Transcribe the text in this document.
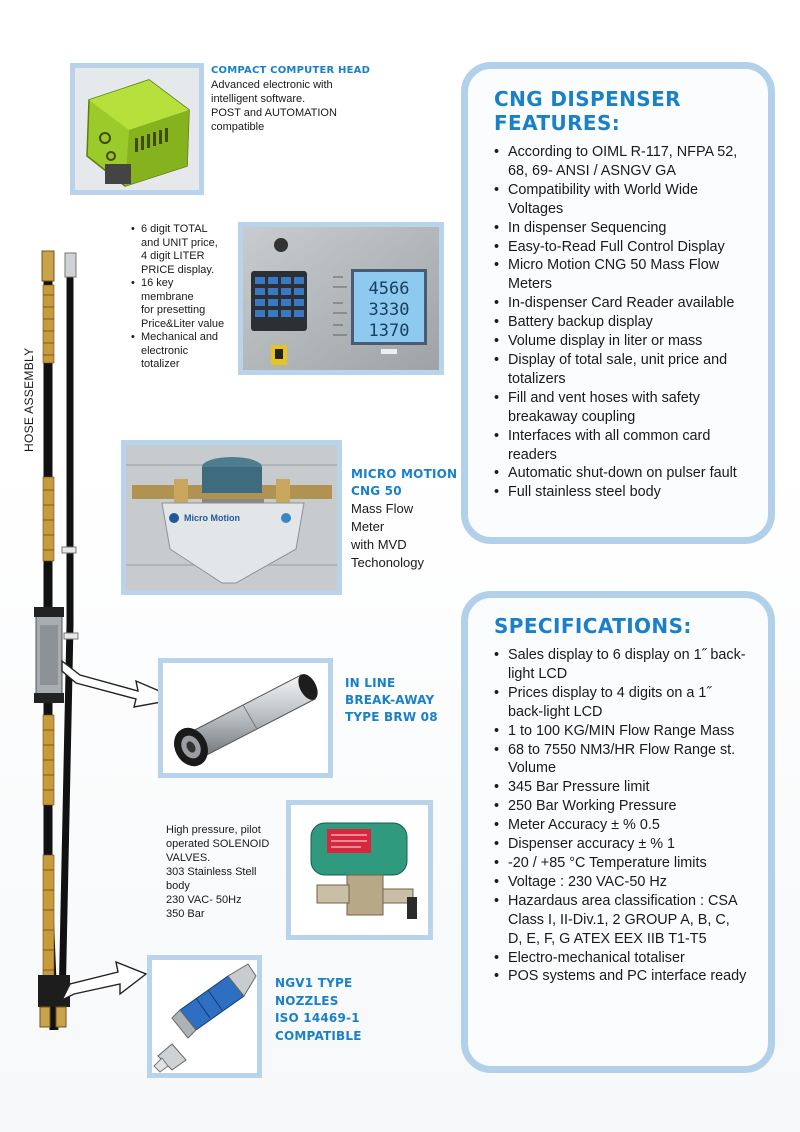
HOSE ASSEMBLY
COMPACT COMPUTER HEAD
Advanced electronic with
intelligent software.
POST and AUTOMATION
compatible
• 6 digit TOTAL
and UNIT price,
4 digit LITER
PRICE display.
• 16 key
membrane
for presetting
Price&Liter value
• Mechanical and
electronic
totalizer
4566
3330
1370
Micro Motion
MICRO MOTION
CNG 50
Mass Flow
Meter
with MVD
Techonology
IN LINE
BREAK-AWAY
TYPE BRW 08
High pressure, pilot
operated SOLENOID
VALVES.
303 Stainless Stell
body
230 VAC- 50Hz
350 Bar
NGV1 TYPE
NOZZLES
ISO 14469-1
COMPATIBLE
CNG DISPENSER FEATURES:
• According to OIML R-117, NFPA 52, 68, 69- ANSI / ASNGV GA
• Compatibility with World Wide Voltages
• In dispenser Sequencing
• Easy-to-Read Full Control Display
• Micro Motion CNG 50 Mass Flow Meters
• In-dispenser Card Reader available
• Battery backup display
• Volume display in liter or mass
• Display of total sale, unit price and totalizers
• Fill and vent hoses with safety breakaway coupling
• Interfaces with all common card readers
• Automatic shut-down on pulser fault
• Full stainless steel body
SPECIFICATIONS:
• Sales display to 6 display on 1˝ back-light LCD
• Prices display to 4 digits on a 1˝ back-light LCD
• 1 to 100 KG/MIN Flow Range Mass
• 68 to 7550 NM3/HR Flow Range st. Volume
• 345 Bar Pressure limit
• 250 Bar Working Pressure
• Meter Accuracy ± % 0.5
• Dispenser accuracy ± % 1
• -20 / +85 °C Temperature limits
• Voltage : 230 VAC-50 Hz
• Hazardaus area classification : CSA Class I, II-Div.1, 2 GROUP A, B, C, D, E, F, G ATEX EEX IIB T1-T5
• Electro-mechanical totaliser
• POS systems and PC interface ready
